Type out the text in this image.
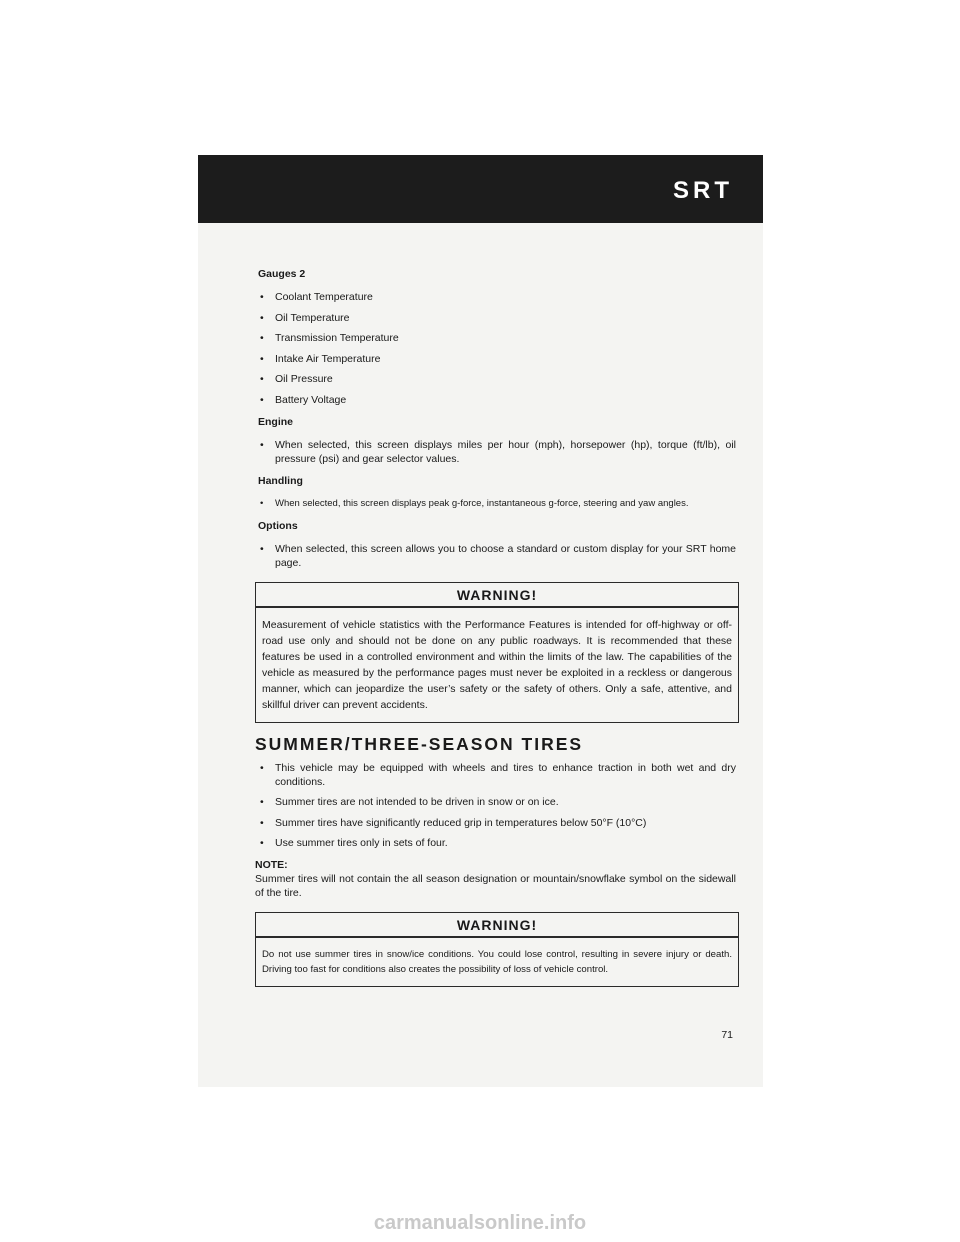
SRT
Gauges 2
• Coolant Temperature
• Oil Temperature
• Transmission Temperature
• Intake Air Temperature
• Oil Pressure
• Battery Voltage
Engine
• When selected, this screen displays miles per hour (mph), horsepower (hp), torque (ft/lb), oil pressure (psi) and gear selector values.
Handling
• When selected, this screen displays peak g-force, instantaneous g-force, steering and yaw angles.
Options
• When selected, this screen allows you to choose a standard or custom display for your SRT home page.
WARNING!
Measurement of vehicle statistics with the Performance Features is intended for off-highway or off-road use only and should not be done on any public roadways. It is recommended that these features be used in a controlled environment and within the limits of the law. The capabilities of the vehicle as measured by the performance pages must never be exploited in a reckless or dangerous manner, which can jeopardize the user’s safety or the safety of others. Only a safe, attentive, and skillful driver can prevent accidents.
SUMMER/THREE-SEASON TIRES
• This vehicle may be equipped with wheels and tires to enhance traction in both wet and dry conditions.
• Summer tires are not intended to be driven in snow or on ice.
• Summer tires have significantly reduced grip in temperatures below 50°F (10°C)
• Use summer tires only in sets of four.
NOTE:
Summer tires will not contain the all season designation or mountain/snowflake symbol on the sidewall of the tire.
WARNING!
Do not use summer tires in snow/ice conditions. You could lose control, resulting in severe injury or death. Driving too fast for conditions also creates the possibility of loss of vehicle control.
71
carmanualsonline.info
